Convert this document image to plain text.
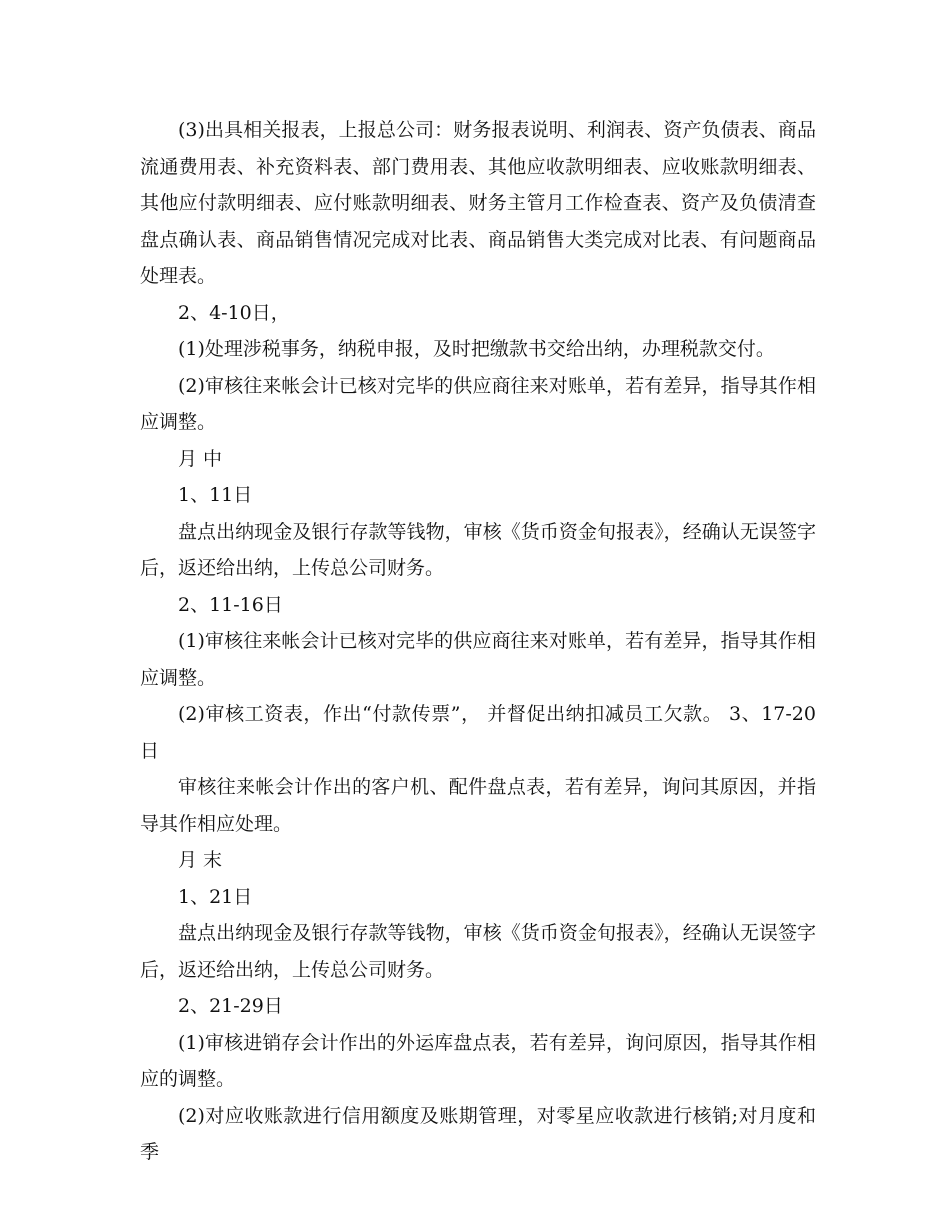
(3)出具相关报表，上报总公司：财务报表说明、利润表、资产负债表、商品流通费用表、补充资料表、部门费用表、其他应收款明细表、应收账款明细表、其他应付款明细表、应付账款明细表、财务主管月工作检查表、资产及负债清查盘点确认表、商品销售情况完成对比表、商品销售大类完成对比表、有问题商品处理表。

2、4-10日，

(1)处理涉税事务，纳税申报，及时把缴款书交给出纳，办理税款交付。

(2)审核往来帐会计已核对完毕的供应商往来对账单，若有差异，指导其作相应调整。

月 中

1、11日

盘点出纳现金及银行存款等钱物，审核《货币资金旬报表》，经确认无误签字后，返还给出纳，上传总公司财务。

2、11-16日

(1)审核往来帐会计已核对完毕的供应商往来对账单，若有差异，指导其作相应调整。

(2)审核工资表，作出“付款传票”， 并督促出纳扣减员工欠款。 3、17-20日

审核往来帐会计作出的客户机、配件盘点表，若有差异，询问其原因，并指导其作相应处理。

月 末

1、21日

盘点出纳现金及银行存款等钱物，审核《货币资金旬报表》，经确认无误签字后，返还给出纳，上传总公司财务。

2、21-29日

(1)审核进销存会计作出的外运库盘点表，若有差异，询问原因，指导其作相应的调整。

(2)对应收账款进行信用额度及账期管理，对零星应收款进行核销;对月度和季
